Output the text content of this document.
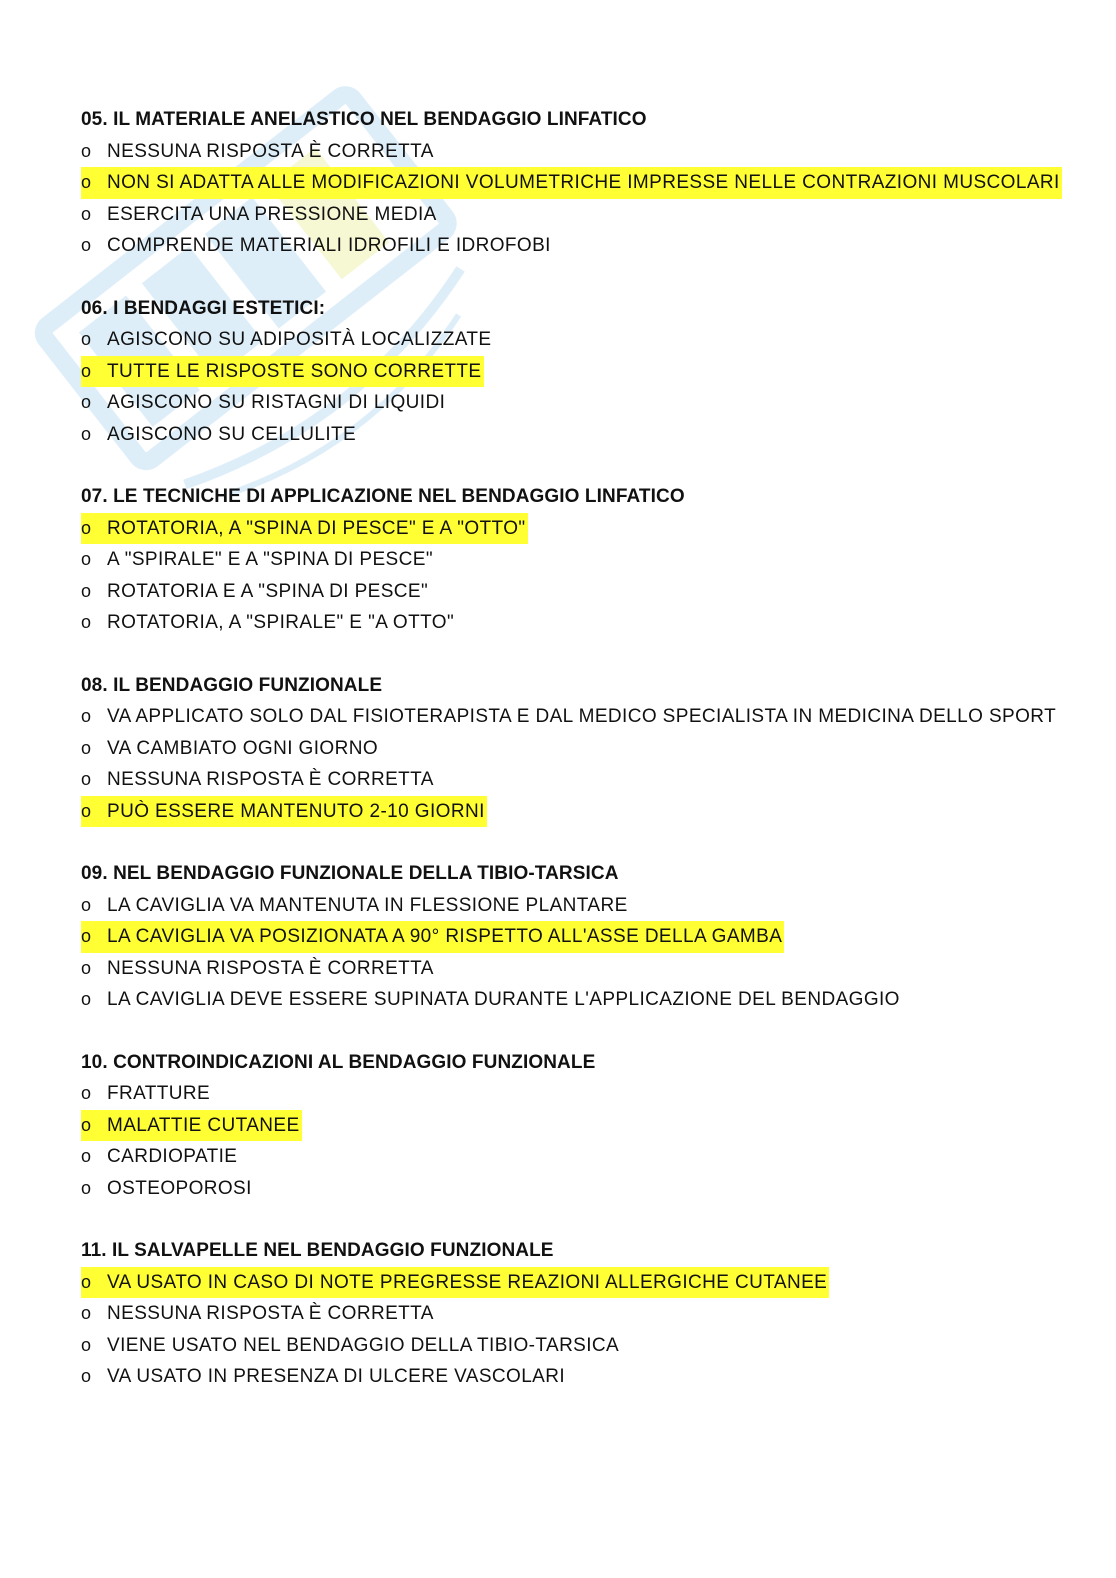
05. IL MATERIALE ANELASTICO NEL BENDAGGIO LINFATICO
o NESSUNA RISPOSTA È CORRETTA
o NON SI ADATTA ALLE MODIFICAZIONI VOLUMETRICHE IMPRESSE NELLE CONTRAZIONI MUSCOLARI
o ESERCITA UNA PRESSIONE MEDIA
o COMPRENDE MATERIALI IDROFILI E IDROFOBI
06. I BENDAGGI ESTETICI:
o AGISCONO SU ADIPOSITÀ LOCALIZZATE
o TUTTE LE RISPOSTE SONO CORRETTE
o AGISCONO SU RISTAGNI DI LIQUIDI
o AGISCONO SU CELLULITE
07. LE TECNICHE DI APPLICAZIONE NEL BENDAGGIO LINFATICO
o ROTATORIA, A "SPINA DI PESCE" E A "OTTO"
o A "SPIRALE" E A "SPINA DI PESCE"
o ROTATORIA E A "SPINA DI PESCE"
o ROTATORIA, A "SPIRALE" E "A OTTO"
08. IL BENDAGGIO FUNZIONALE
o VA APPLICATO SOLO DAL FISIOTERAPISTA E DAL MEDICO SPECIALISTA IN MEDICINA DELLO SPORT
o VA CAMBIATO OGNI GIORNO
o NESSUNA RISPOSTA È CORRETTA
o PUÒ ESSERE MANTENUTO 2-10 GIORNI
09. NEL BENDAGGIO FUNZIONALE DELLA TIBIO-TARSICA
o LA CAVIGLIA VA MANTENUTA IN FLESSIONE PLANTARE
o LA CAVIGLIA VA POSIZIONATA A 90° RISPETTO ALL'ASSE DELLA GAMBA
o NESSUNA RISPOSTA È CORRETTA
o LA CAVIGLIA DEVE ESSERE SUPINATA DURANTE L'APPLICAZIONE DEL BENDAGGIO
10. CONTROINDICAZIONI AL BENDAGGIO FUNZIONALE
o FRATTURE
o MALATTIE CUTANEE
o CARDIOPATIE
o OSTEOPOROSI
11. IL SALVAPELLE NEL BENDAGGIO FUNZIONALE
o VA USATO IN CASO DI NOTE PREGRESSE REAZIONI ALLERGICHE CUTANEE
o NESSUNA RISPOSTA È CORRETTA
o VIENE USATO NEL BENDAGGIO DELLA TIBIO-TARSICA
o VA USATO IN PRESENZA DI ULCERE VASCOLARI
